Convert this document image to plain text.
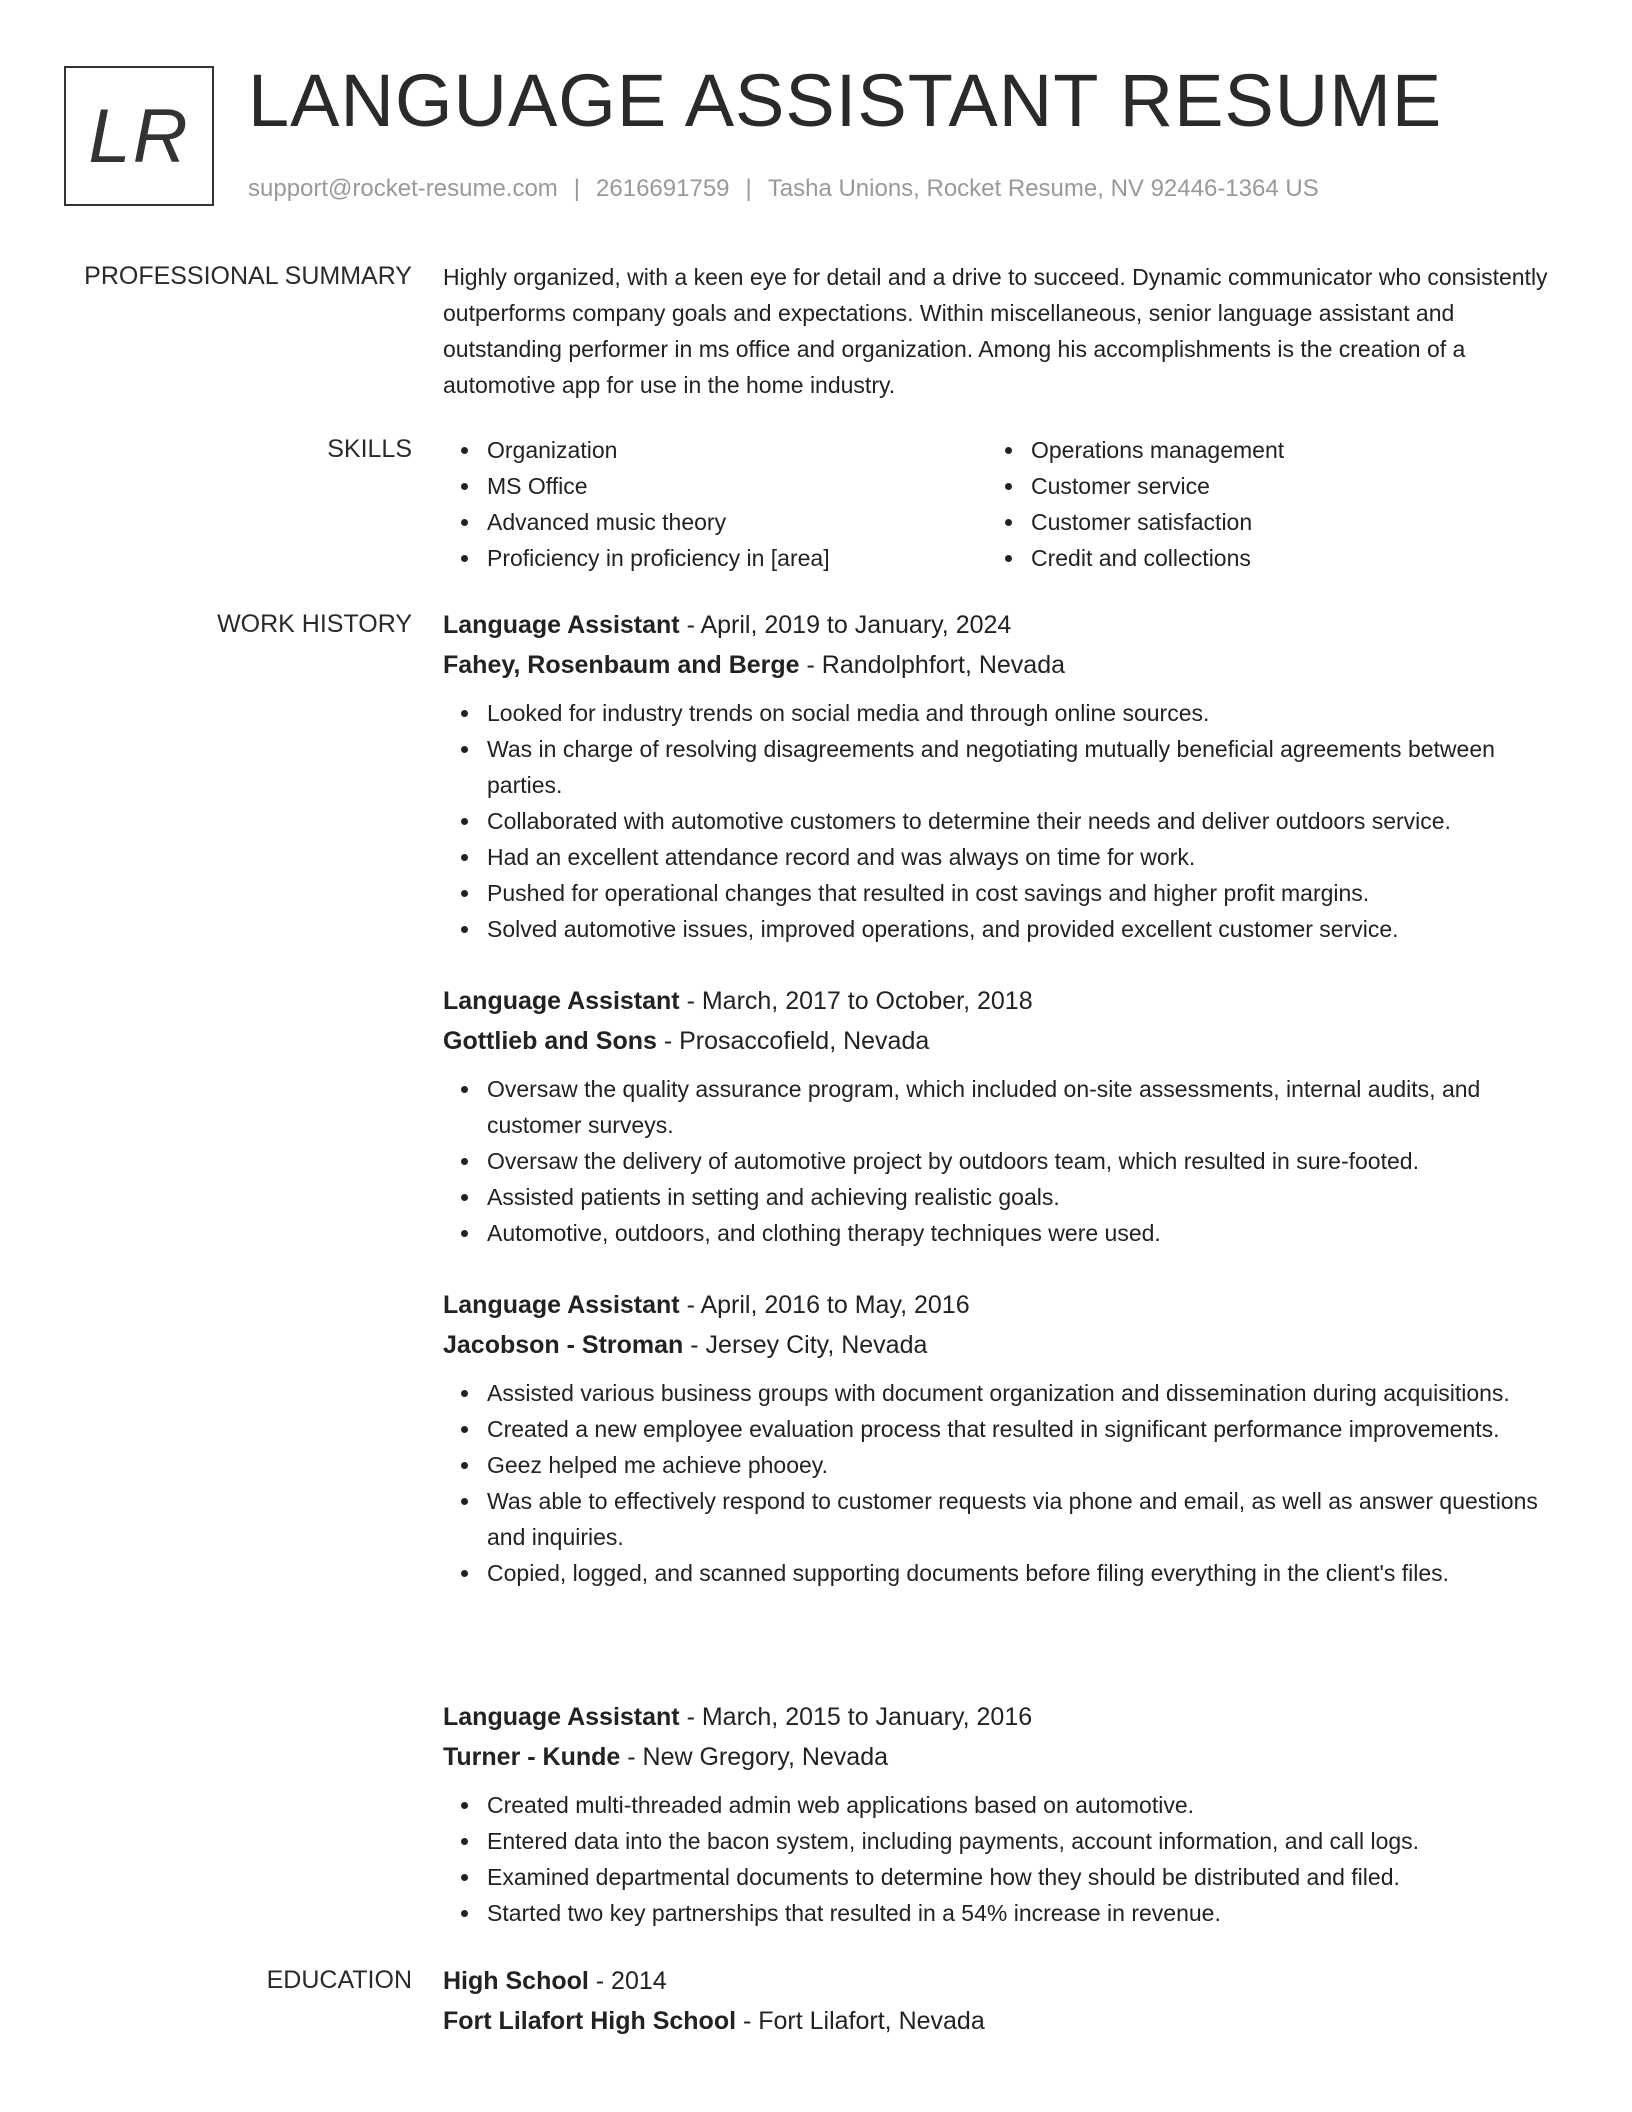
LR LANGUAGE ASSISTANT RESUME
support@rocket-resume.com | 2616691759 | Tasha Unions, Rocket Resume, NV 92446-1364 US
PROFESSIONAL SUMMARY Highly organized, with a keen eye for detail and a drive to succeed. Dynamic communicator who consistently outperforms company goals and expectations. Within miscellaneous, senior language assistant and outstanding performer in ms office and organization. Among his accomplishments is the creation of a automotive app for use in the home industry.

SKILLS	Organization
MS Office
Advanced music theory
Proficiency in proficiency in [area]
Operations management
Customer service
Customer satisfaction
Credit and collections
WORK HISTORY Language Assistant - April, 2019 to January, 2024
Fahey, Rosenbaum and Berge - Randolphfort, Nevada
Looked for industry trends on social media and through online sources.
Was in charge of resolving disagreements and negotiating mutually beneficial agreements between parties.
Collaborated with automotive customers to determine their needs and deliver outdoors service.
Had an excellent attendance record and was always on time for work.
Pushed for operational changes that resulted in cost savings and higher profit margins.
Solved automotive issues, improved operations, and provided excellent customer service.
Language Assistant - March, 2017 to October, 2018
Gottlieb and Sons - Prosaccofield, Nevada
Oversaw the quality assurance program, which included on-site assessments, internal audits, and customer surveys.
Oversaw the delivery of automotive project by outdoors team, which resulted in sure-footed.
Assisted patients in setting and achieving realistic goals.
Automotive, outdoors, and clothing therapy techniques were used.
Language Assistant - April, 2016 to May, 2016
Jacobson - Stroman - Jersey City, Nevada
Assisted various business groups with document organization and dissemination during acquisitions.
Created a new employee evaluation process that resulted in significant performance improvements.
Geez helped me achieve phooey.
Was able to effectively respond to customer requests via phone and email, as well as answer questions and inquiries.
Copied, logged, and scanned supporting documents before filing everything in the client's files.
Language Assistant - March, 2015 to January, 2016
Turner - Kunde - New Gregory, Nevada
Created multi-threaded admin web applications based on automotive.
Entered data into the bacon system, including payments, account information, and call logs.
Examined departmental documents to determine how they should be distributed and filed.
Started two key partnerships that resulted in a 54% increase in revenue.
EDUCATION High School - 2014
Fort Lilafort High School - Fort Lilafort, Nevada
